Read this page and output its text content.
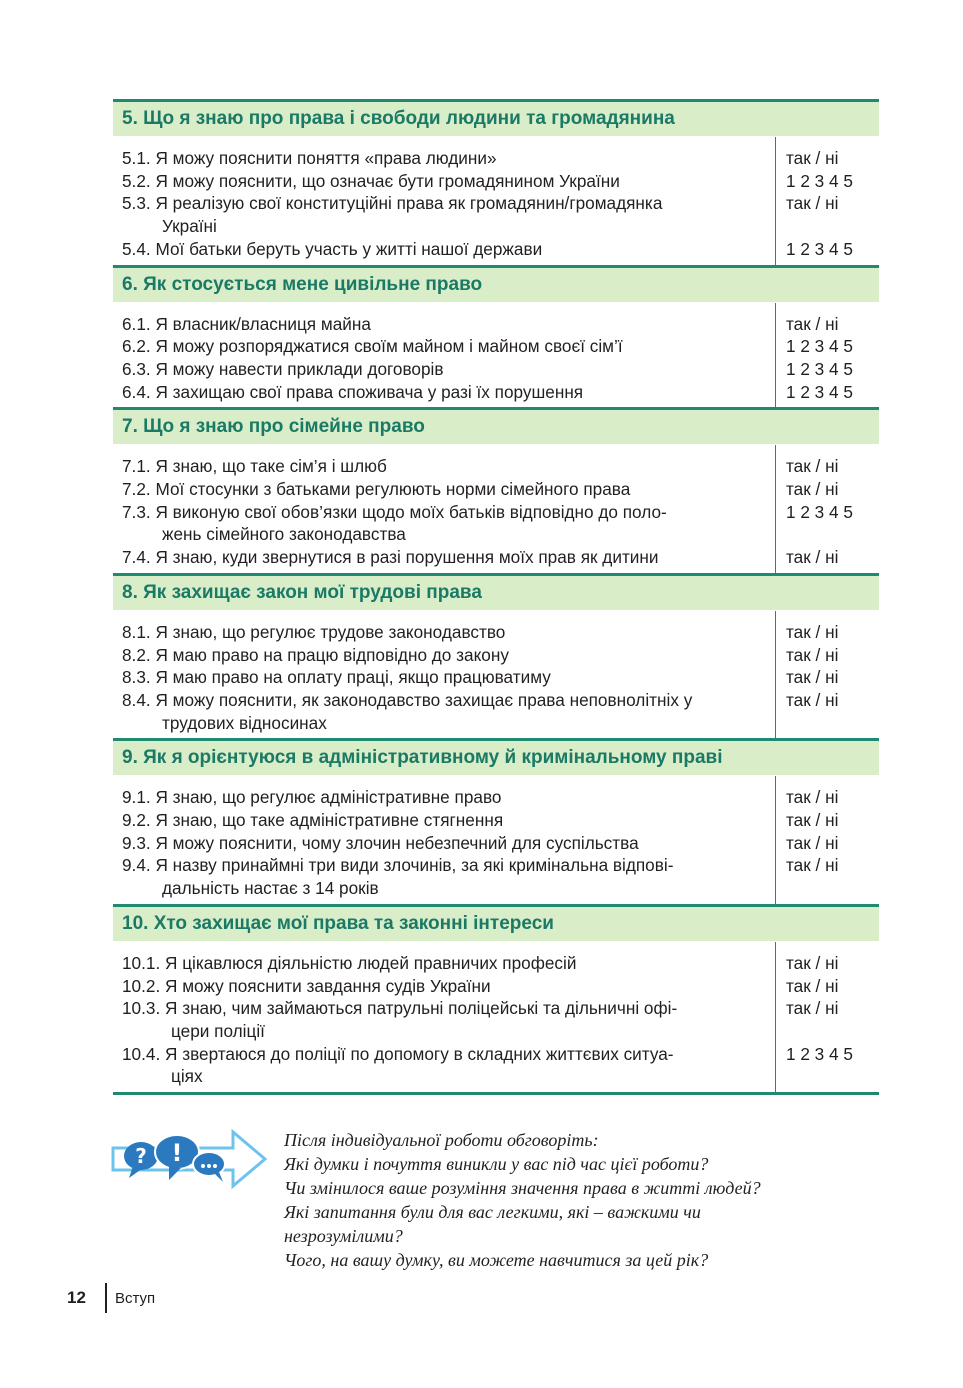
5. Що я знаю про права і свободи людини та громадянина
5.1. Я можу пояснити поняття «права людини»
5.2. Я можу пояснити, що означає бути громадянином України
5.3. Я реалізую свої конституційні права як громадянин/громадянка
Україні
5.4. Мої батьки беруть участь у житті нашої держави
так / ні
1 2 3 4 5
так / ні

1 2 3 4 5
6. Як стосується мене цивільне право
6.1. Я власник/власниця майна
6.2. Я можу розпоряджатися своїм майном і майном своєї сім’ї
6.3. Я можу навести приклади договорів
6.4. Я захищаю свої права споживача у разі їх порушення
так / ні
1 2 3 4 5
1 2 3 4 5
1 2 3 4 5
7. Що я знаю про сімейне право
7.1. Я знаю, що таке сім’я і шлюб
7.2. Мої стосунки з батьками регулюють норми сімейного права
7.3. Я виконую свої обов’язки щодо моїх батьків відповідно до поло-
жень сімейного законодавства
7.4. Я знаю, куди звернутися в разі порушення моїх прав як дитини
так / ні
так / ні
1 2 3 4 5

так / ні
8. Як захищає закон мої трудові права
8.1. Я знаю, що регулює трудове законодавство
8.2. Я маю право на працю відповідно до закону
8.3. Я маю право на оплату праці, якщо працюватиму
8.4. Я можу пояснити, як законодавство захищає права неповнолітніх у
трудових відносинах
так / ні
так / ні
так / ні
так / ні

9. Як я орієнтуюся в адміністративному й кримінальному праві
9.1. Я знаю, що регулює адміністративне право
9.2. Я знаю, що таке адміністративне стягнення
9.3. Я можу пояснити, чому злочин небезпечний для суспільства
9.4. Я назву принаймні три види злочинів, за які кримінальна відпові-
дальність настає з 14 років
так / ні
так / ні
так / ні
так / ні

10. Хто захищає мої права та законні інтереси
10.1. Я цікавлюся діяльністю людей правничих професій
10.2. Я можу пояснити завдання судів України
10.3. Я знаю, чим займаються патрульні поліцейські та дільничні офі-
цери поліції
10.4. Я звертаюся до поліції по допомогу в складних життєвих ситуа-
ціях
так / ні
так / ні
так / ні

1 2 3 4 5

? !	Після індивідуальної роботи обговоріть:
Які думки і почуття виникли у вас під час цієї роботи?
Чи змінилося ваше розуміння значення права в житті людей?
Які запитання були для вас легкими, які – важкими чи
незрозумілими?
Чого, на вашу думку, ви можете навчитися за цей рік?
12	Вступ
